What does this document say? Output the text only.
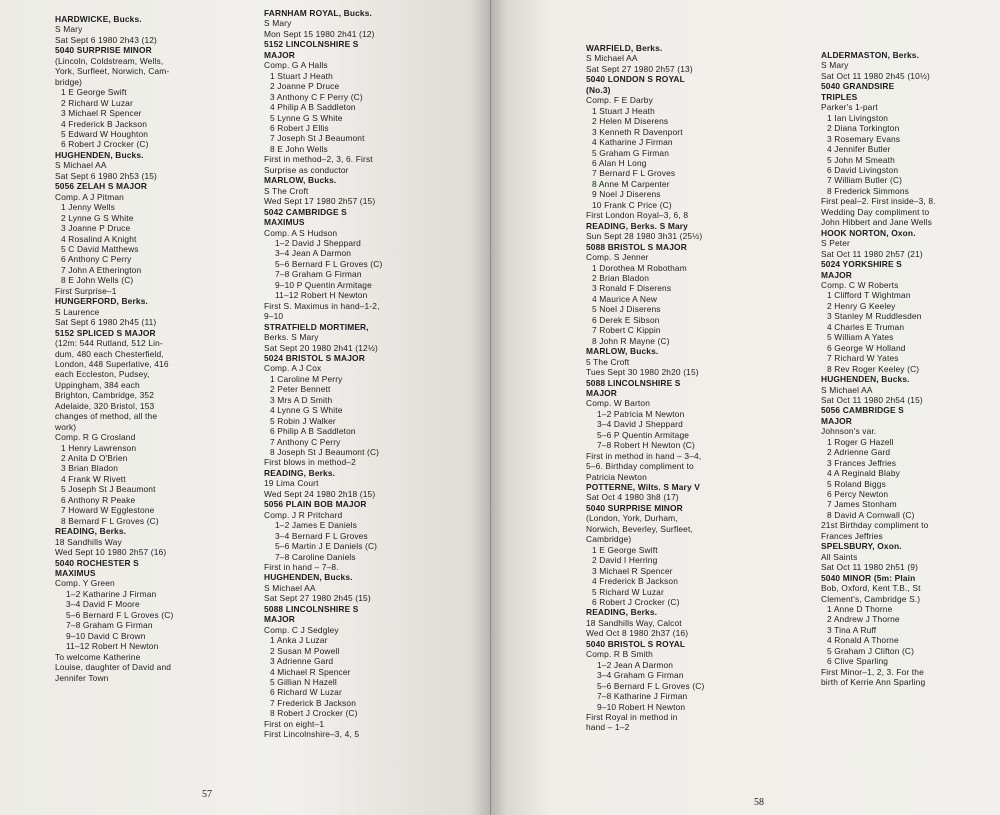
HARDWICKE, Bucks.
S Mary
Sat Sept 6 1980 2h43 (12)
5040 SURPRISE MINOR
(Lincoln, Coldstream, Wells,
York, Surfleet, Norwich, Cam-
bridge)
1 E George Swift
2 Richard W Luzar
3 Michael R Spencer
4 Frederick B Jackson
5 Edward W Houghton
6 Robert J Crocker (C)
HUGHENDEN, Bucks.
S Michael AA
Sat Sept 6 1980 2h53 (15)
5056 ZELAH S MAJOR
Comp. A J Pitman
1 Jenny Wells
2 Lynne G S White
3 Joanne P Druce
4 Rosalind A Knight
5 C David Matthews
6 Anthony C Perry
7 John A Etherington
8 E John Wells (C)
First Surprise–1
HUNGERFORD, Berks.
S Laurence
Sat Sept 6 1980 2h45 (11)
5152 SPLICED S MAJOR
(12m: 544 Rutland, 512 Lin-
dum, 480 each Chesterfield,
London, 448 Superlative, 416
each Eccleston, Pudsey,
Uppingham, 384 each
Brighton, Cambridge, 352
Adelaide, 320 Bristol, 153
changes of method, all the
work)
Comp. R G Crosland
1 Henry Lawrenson
2 Anita D O'Brien
3 Brian Bladon
4 Frank W Rivett
5 Joseph St J Beaumont
6 Anthony R Peake
7 Howard W Egglestone
8 Bernard F L Groves (C)
READING, Berks.
18 Sandhills Way
Wed Sept 10 1980 2h57 (16)
5040 ROCHESTER S
MAXIMUS
Comp. Y Green
1–2 Katharine J Firman
3–4 David F Moore
5–6 Bernard F L Groves (C)
7–8 Graham G Firman
9–10 David C Brown
11–12 Robert H Newton
To welcome Katherine
Louise, daughter of David and
Jennifer Town
FARNHAM ROYAL, Bucks.
S Mary
Mon Sept 15 1980 2h41 (12)
5152 LINCOLNSHIRE S
MAJOR
Comp. G A Halls
1 Stuart J Heath
2 Joanne P Druce
3 Anthony C F Perry (C)
4 Philip A B Saddleton
5 Lynne G S White
6 Robert J Ellis
7 Joseph St J Beaumont
8 E John Wells
First in method–2, 3, 6. First
Surprise as conductor
MARLOW, Bucks.
S The Croft
Wed Sept 17 1980 2h57 (15)
5042 CAMBRIDGE S
MAXIMUS
Comp. A S Hudson
1–2 David J Sheppard
3–4 Jean A Darmon
5–6 Bernard F L Groves (C)
7–8 Graham G Firman
9–10 P Quentin Armitage
11–12 Robert H Newton
First S. Maximus in hand–1-2,
9–10
STRATFIELD MORTIMER,
Berks. S Mary
Sat Sept 20 1980 2h41 (12½)
5024 BRISTOL S MAJOR
Comp. A J Cox
1 Caroline M Perry
2 Peter Bennett
3 Mrs A D Smith
4 Lynne G S White
5 Robin J Walker
6 Philip A B Saddleton
7 Anthony C Perry
8 Joseph St J Beaumont (C)
First blows in method–2
READING, Berks.
19 Lima Court
Wed Sept 24 1980 2h18 (15)
5056 PLAIN BOB MAJOR
Comp. J R Pritchard
1–2 James E Daniels
3–4 Bernard F L Groves
5–6 Martin J E Daniels (C)
7–8 Caroline Daniels
First in hand – 7–8.
HUGHENDEN, Bucks.
S Michael AA
Sat Sept 27 1980 2h45 (15)
5088 LINCOLNSHIRE S
MAJOR
Comp. C J Sedgley
1 Anka J Luzar
2 Susan M Powell
3 Adrienne Gard
4 Michael R Spencer
5 Gillian N Hazell
6 Richard W Luzar
7 Frederick B Jackson
8 Robert J Crocker (C)
First on eight–1
First Lincolnshire–3, 4, 5
57
WARFIELD, Berks.
S Michael AA
Sat Sept 27 1980 2h57 (13)
5040 LONDON S ROYAL
(No.3)
Comp. F E Darby
1 Stuart J Heath
2 Helen M Diserens
3 Kenneth R Davenport
4 Katharine J Firman
5 Graham G Firman
6 Alan H Long
7 Bernard F L Groves
8 Anne M Carpenter
9 Noel J Diserens
10 Frank C Price (C)
First London Royal–3, 6, 8
READING, Berks. S Mary
Sun Sept 28 1980 3h31 (25½)
5088 BRISTOL S MAJOR
Comp. S Jenner
1 Dorothea M Robotham
2 Brian Bladon
3 Ronald F Diserens
4 Maurice A New
5 Noel J Diserens
6 Derek E Sibson
7 Robert C Kippin
8 John R Mayne (C)
MARLOW, Bucks.
5 The Croft
Tues Sept 30 1980 2h20 (15)
5088 LINCOLNSHIRE S
MAJOR
Comp. W Barton
1–2 Patricia M Newton
3–4 David J Sheppard
5–6 P Quentin Armitage
7–8 Robert H Newton (C)
First in method in hand – 3–4,
5–6. Birthday compliment to
Patricia Newton
POTTERNE, Wilts. S Mary V
Sat Oct 4 1980 3h8 (17)
5040 SURPRISE MINOR
(London, York, Durham,
Norwich, Beverley, Surfleet,
Cambridge)
1 E George Swift
2 David I Herring
3 Michael R Spencer
4 Frederick B Jackson
5 Richard W Luzar
6 Robert J Crocker (C)
READING, Berks.
18 Sandhills Way, Calcot
Wed Oct 8 1980 2h37 (16)
5040 BRISTOL S ROYAL
Comp. R B Smith
1–2 Jean A Darmon
3–4 Graham G Firman
5–6 Bernard F L Groves (C)
7–8 Katharine J Firman
9–10 Robert H Newton
First Royal in method in
hand – 1–2
ALDERMASTON, Berks.
S Mary
Sat Oct 11 1980 2h45 (10½)
5040 GRANDSIRE
TRIPLES
Parker's 1-part
1 Ian Livingston
2 Diana Torkington
3 Rosemary Evans
4 Jennifer Butler
5 John M Smeath
6 David Livingston
7 William Butler (C)
8 Frederick Simmons
First peal–2. First inside–3, 8.
Wedding Day compliment to
John Hibbert and Jane Wells
HOOK NORTON, Oxon.
S Peter
Sat Oct 11 1980 2h57 (21)
5024 YORKSHIRE S
MAJOR
Comp. C W Roberts
1 Clifford T Wightman
2 Henry G Keeley
3 Stanley M Ruddlesden
4 Charles E Truman
5 William A Yates
6 George W Holland
7 Richard W Yates
8 Rev Roger Keeley (C)
HUGHENDEN, Bucks.
S Michael AA
Sat Oct 11 1980 2h54 (15)
5056 CAMBRIDGE S
MAJOR
Johnson's var.
1 Roger G Hazell
2 Adrienne Gard
3 Frances Jeffries
4 A Reginald Blaby
5 Roland Biggs
6 Percy Newton
7 James Stonham
8 David A Cornwall (C)
21st Birthday compliment to
Frances Jeffries
SPELSBURY, Oxon.
All Saints
Sat Oct 11 1980 2h51 (9)
5040 MINOR (5m: Plain
Bob, Oxford, Kent T.B., St
Clement's, Cambridge S.)
1 Anne D Thorne
2 Andrew J Thorne
3 Tina A Ruff
4 Ronald A Thorne
5 Graham J Clifton (C)
6 Clive Sparling
First Minor–1, 2, 3. For the
birth of Kerrie Ann Sparling
58
